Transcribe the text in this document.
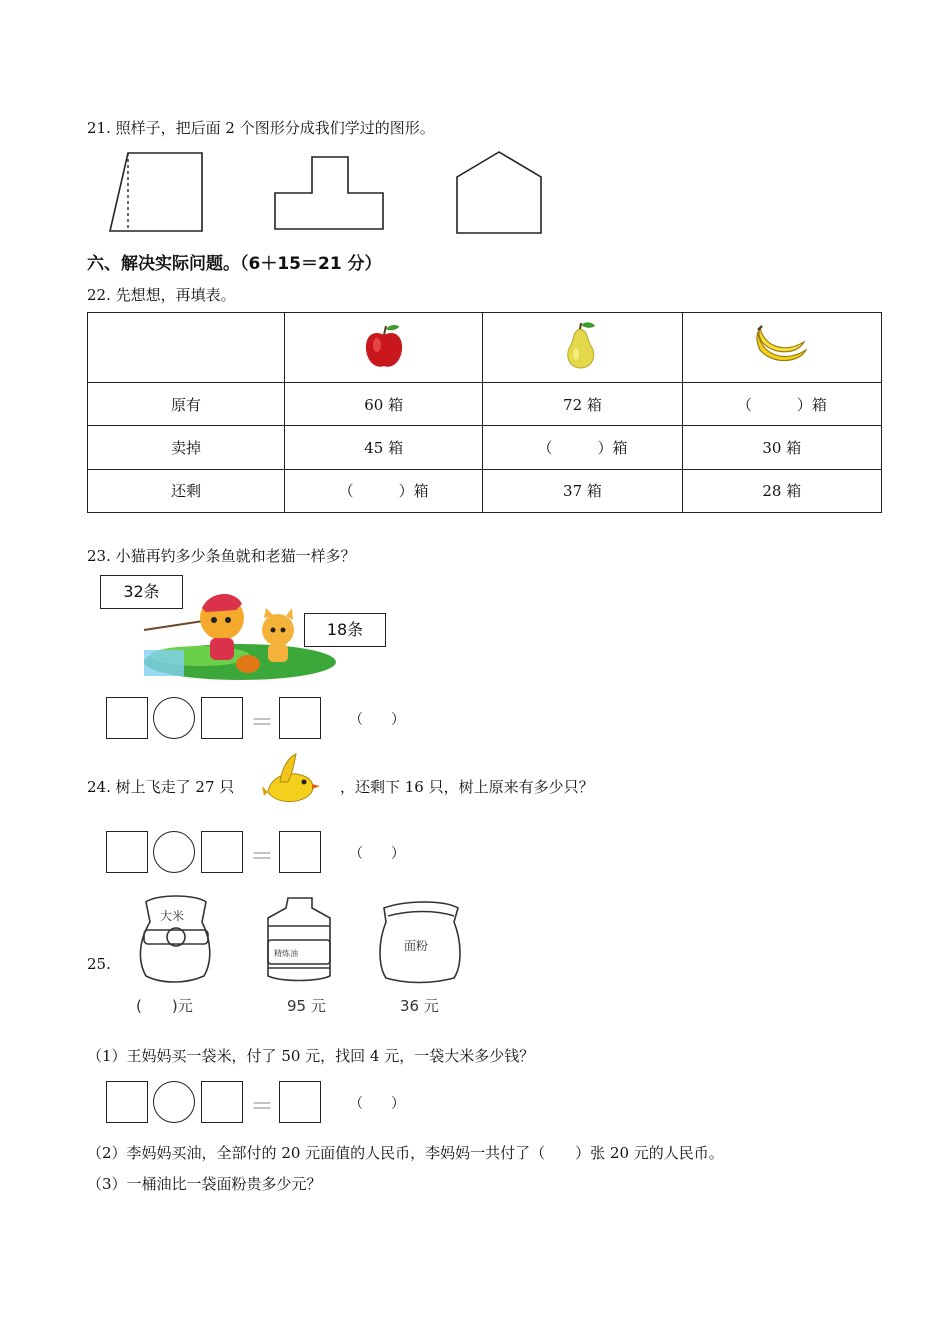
21. 照样子，把后面 2 个图形分成我们学过的图形。
六、解决实际问题。（6＋15＝21 分）
22. 先想想，再填表。

原有	60 箱	72 箱	（　　　）箱
卖掉	45 箱	（　　　）箱	30 箱
还剩	（　　　）箱	37 箱	28 箱
23. 小猫再钓多少条鱼就和老猫一样多？
32条
18条
＝	（　　）
24. 树上飞走了 27 只	，还剩下 16 只，树上原来有多少只？
＝	（　　）
25.
大米
精炼油
面粉
(　　)元	95 元	36 元
（1）王妈妈买一袋米，付了 50 元，找回 4 元，一袋大米多少钱？
＝	（　　）
（2）李妈妈买油，全部付的 20 元面值的人民币，李妈妈一共付了（　　）张 20 元的人民币。
（3）一桶油比一袋面粉贵多少元？
